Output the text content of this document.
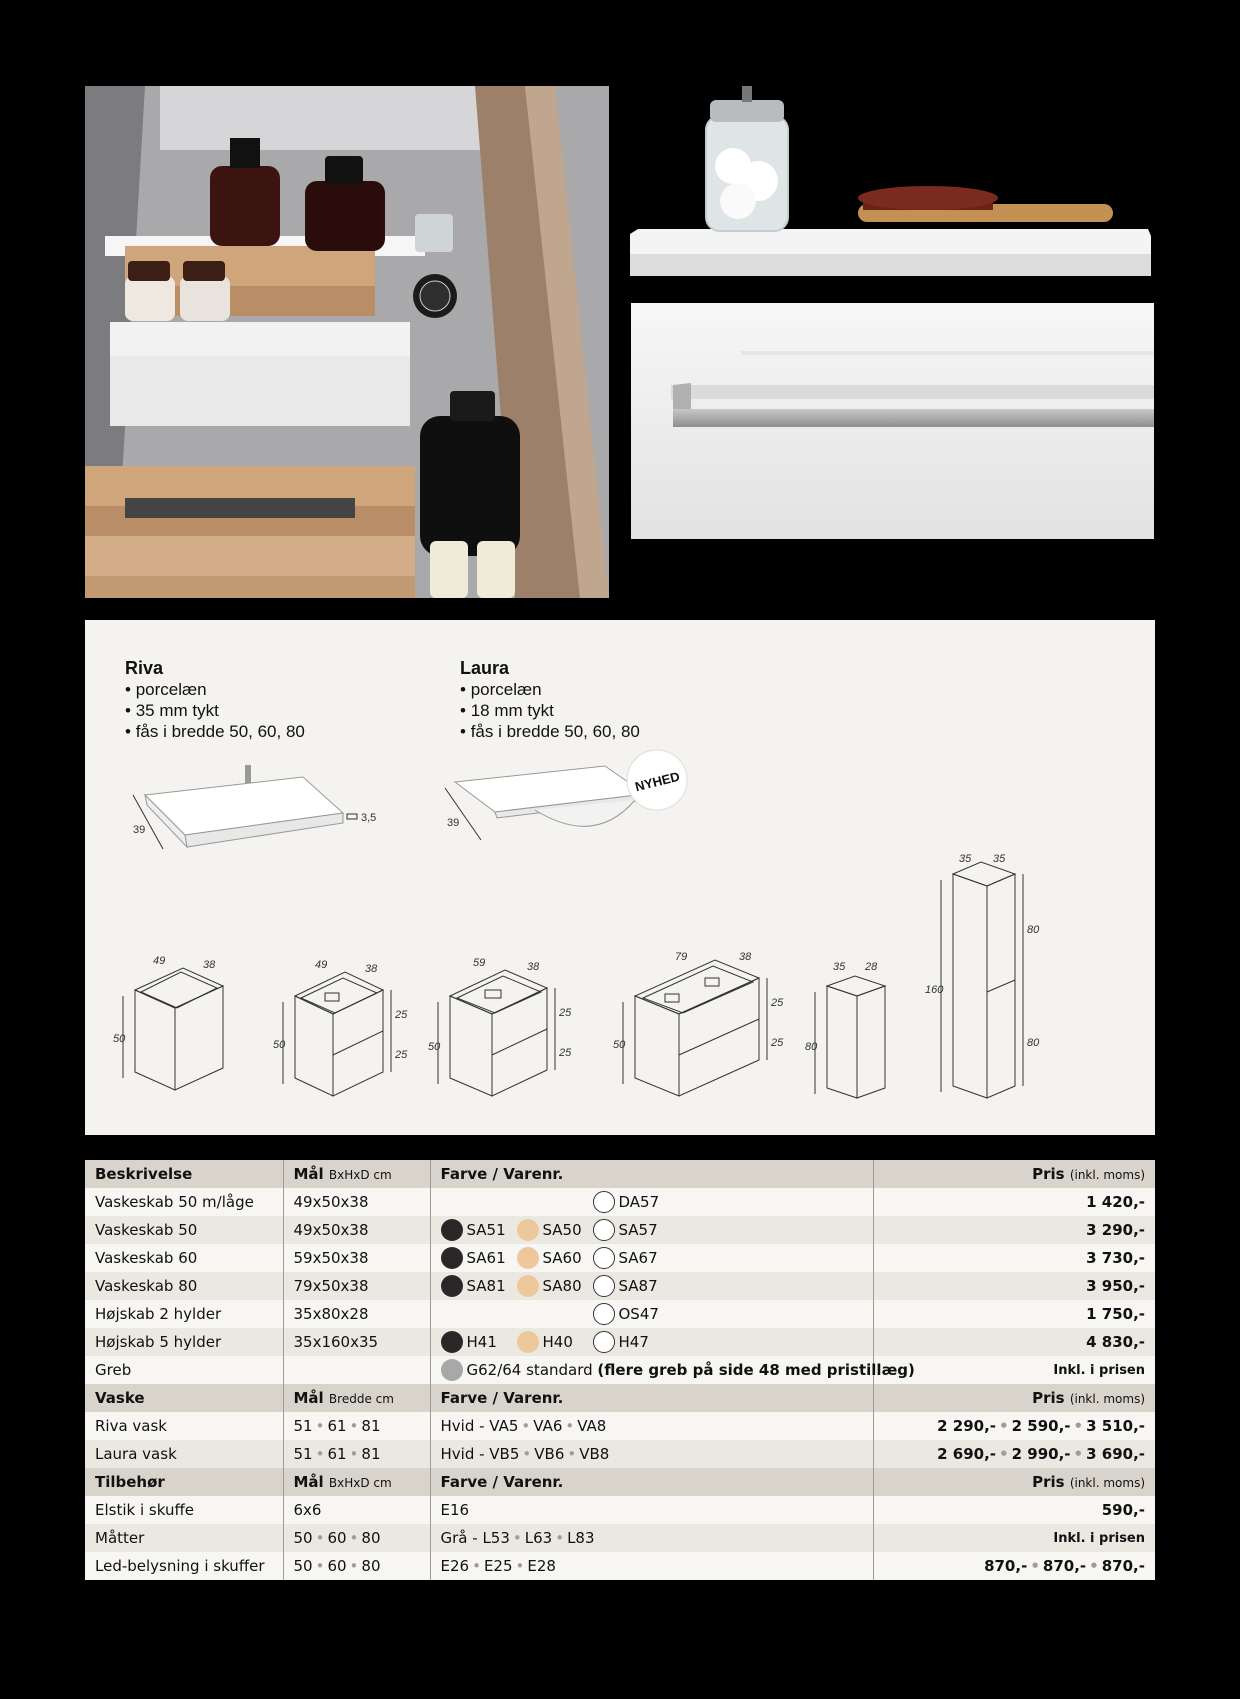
Riva
• porcelæn
• 35 mm tykt
• fås i bredde 50, 60, 80
Laura
• porcelæn
• 18 mm tykt
• fås i bredde 50, 60, 80
39
3,5	39
NYHED
49	38
50
49	38
50
25
25
59	38
50
25
25
79	38
50
25
25
35 28
80
35 35
160
80
80
Beskrivelse	Mål BxHxD cm	Farve / Varenr.	Pris (inkl. moms)
Vaskeskab 50 m/låge	49x50x38	DA57	1 420,-
Vaskeskab 50	49x50x38	SA51 SA50 SA57	3 290,-
Vaskeskab 60	59x50x38	SA61 SA60 SA67	3 730,-
Vaskeskab 80	79x50x38	SA81 SA80 SA87	3 950,-
Højskab 2 hylder	35x80x28	OS47	1 750,-
Højskab 5 hylder	35x160x35	H41 H40 H47	4 830,-
Greb		G62/64 standard (flere greb på side 48 med pristillæg)	Inkl. i prisen
Vaske	Mål Bredde cm	Farve / Varenr.	Pris (inkl. moms)
Riva vask	51 • 61 • 81	Hvid - VA5 • VA6 • VA8	2 290,- • 2 590,- • 3 510,-
Laura vask	51 • 61 • 81	Hvid - VB5 • VB6 • VB8	2 690,- • 2 990,- • 3 690,-
Tilbehør	Mål BxHxD cm	Farve / Varenr.	Pris (inkl. moms)
Elstik i skuffe	6x6	E16	590,-
Måtter	50 • 60 • 80	Grå - L53 • L63 • L83	Inkl. i prisen
Led-belysning i skuffer	50 • 60 • 80	E26 • E25 • E28	870,- • 870,- • 870,-
